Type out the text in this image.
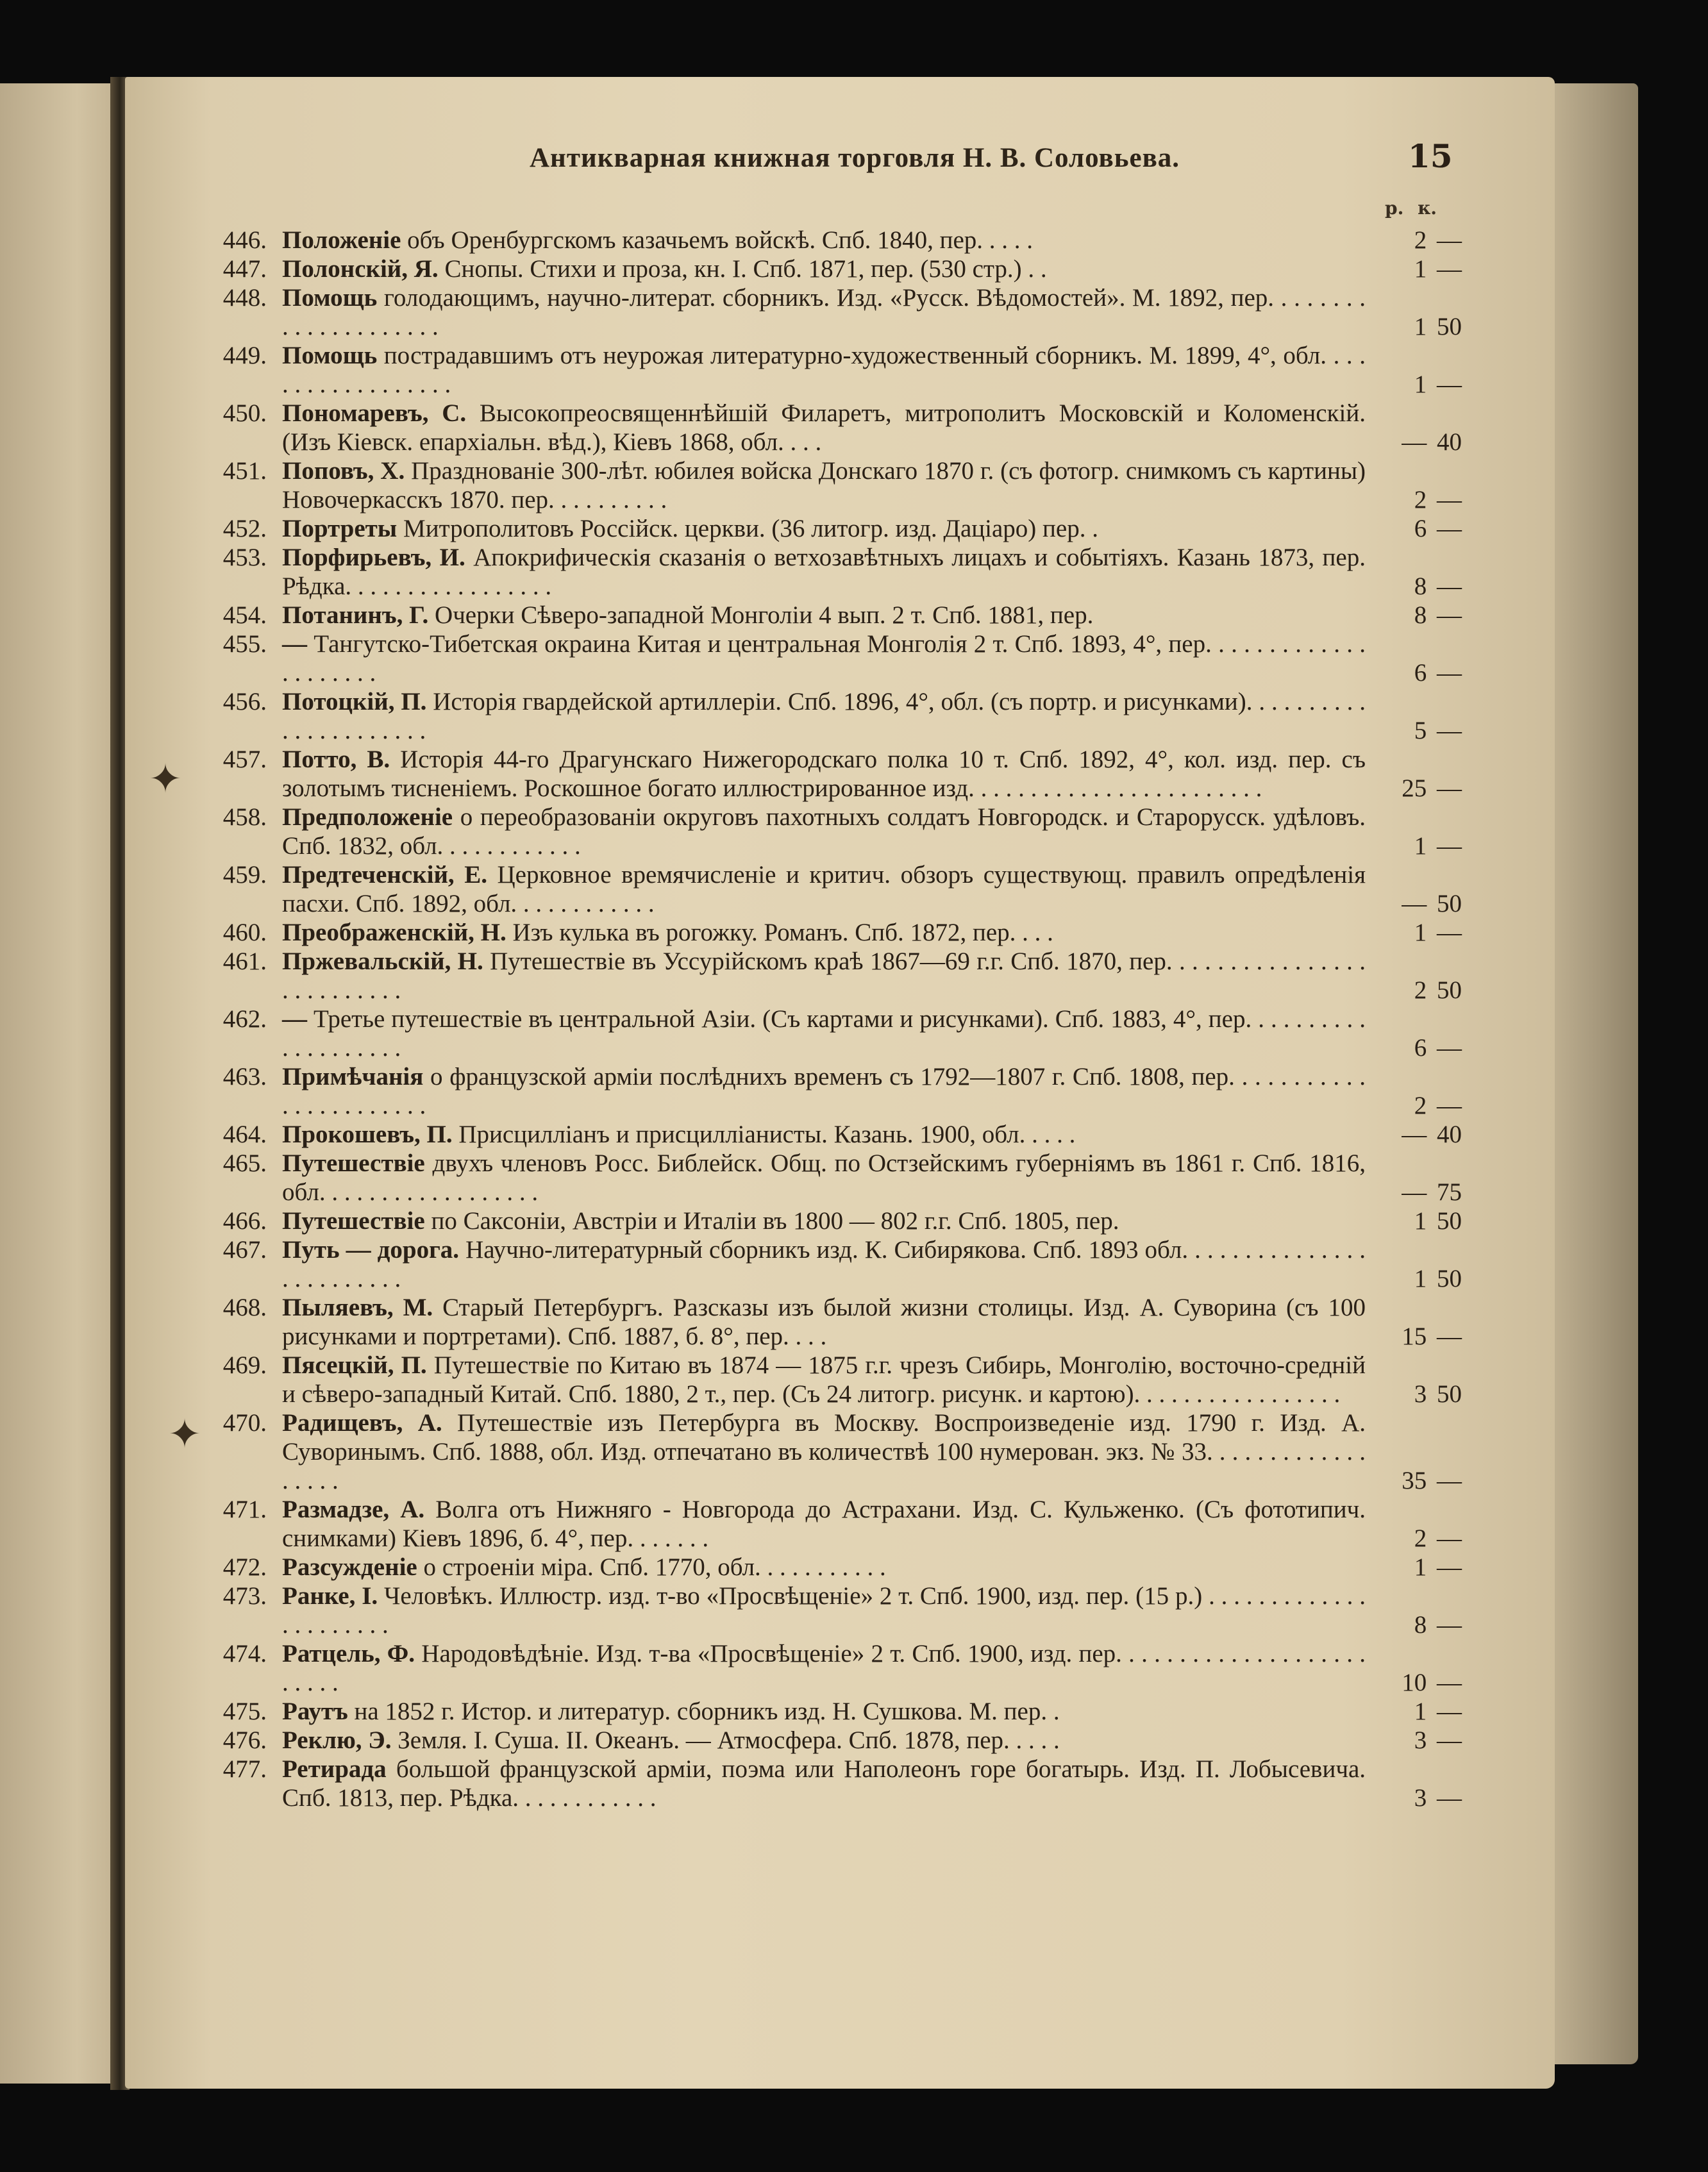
✦
✦
Антикварная книжная торговля Н. В. Соловьева.	15
р. к.
446. Положеніе объ Оренбургскомъ казачьемъ войскѣ. Спб. 1840, пер. . . . .	2 —
447. Полонскій, Я. Снопы. Стихи и проза, кн. I. Спб. 1871, пер. (530 стр.) . .	1 —
448. Помощь голодающимъ, научно-литерат. сборникъ. Изд. «Русск. Вѣдомостей». М. 1892, пер. . . . . . . . . . . . . . . . . . . . .	1 50
449. Помощь пострадавшимъ отъ неурожая литературно-художественный сборникъ. М. 1899, 4°, обл. . . . . . . . . . . . . . . . . .	1 —
450. Пономаревъ, С. Высокопреосвященнѣйшій Филаретъ, митрополитъ Московскій и Коломенскій. (Изъ Кіевск. епархіальн. вѣд.), Кіевъ 1868, обл. . . .	— 40
451. Поповъ, Х. Празднованіе 300-лѣт. юбилея войска Донскаго 1870 г. (съ фотогр. снимкомъ съ картины) Новочеркасскъ 1870. пер. . . . . . . . . .	2 —
452. Портреты Митрополитовъ Россійск. церкви. (36 литогр. изд. Даціаро) пер. .	6 —
453. Порфирьевъ, И. Апокрифическія сказанія о ветхозавѣтныхъ лицахъ и событіяхъ. Казань 1873, пер. Рѣдка. . . . . . . . . . . . . . . . .	8 —
454. Потанинъ, Г. Очерки Сѣверо-западной Монголіи 4 вып. 2 т. Спб. 1881, пер.	8 —
455. — Тангутско-Тибетская окраина Китая и центральная Монголія 2 т. Спб. 1893, 4°, пер. . . . . . . . . . . . . . . . . . . . .	6 —
456. Потоцкій, П. Исторія гвардейской артиллеріи. Спб. 1896, 4°, обл. (съ портр. и рисунками). . . . . . . . . . . . . . . . . . . . . .	5 —
457. Потто, В. Исторія 44-го Драгунскаго Нижегородскаго полка 10 т. Спб. 1892, 4°, кол. изд. пер. съ золотымъ тисненіемъ. Роскошное богато иллюстрированное изд. . . . . . . . . . . . . . . . . . . . . . . .	25 —
458. Предположеніе о переобразованіи округовъ пахотныхъ солдатъ Новгородск. и Старорусск. удѣловъ. Спб. 1832, обл. . . . . . . . . . . .	1 —
459. Предтеченскій, Е. Церковное времячисленіе и критич. обзоръ существующ. правилъ опредѣленія пасхи. Спб. 1892, обл. . . . . . . . . . . .	— 50
460. Преображенскій, Н. Изъ кулька въ рогожку. Романъ. Спб. 1872, пер. . . .	1 —
461. Пржевальскій, Н. Путешествіе въ Уссурійскомъ краѣ 1867—69 г.г. Спб. 1870, пер. . . . . . . . . . . . . . . . . . . . . . . . . .	2 50
462. — Третье путешествіе въ центральной Азіи. (Съ картами и рисунками). Спб. 1883, 4°, пер. . . . . . . . . . . . . . . . . . . .	6 —
463. Примѣчанія о французской арміи послѣднихъ временъ съ 1792—1807 г. Спб. 1808, пер. . . . . . . . . . . . . . . . . . . . . . .	2 —
464. Прокошевъ, П. Присцилліанъ и присцилліанисты. Казань. 1900, обл. . . . .	— 40
465. Путешествіе двухъ членовъ Росс. Библейск. Общ. по Остзейскимъ губерніямъ въ 1861 г. Спб. 1816, обл. . . . . . . . . . . . . . . . . .	— 75
466. Путешествіе по Саксоніи, Австріи и Италіи въ 1800 — 802 г.г. Спб. 1805, пер.	1 50
467. Путь — дорога. Научно-литературный сборникъ изд. К. Сибирякова. Спб. 1893 обл. . . . . . . . . . . . . . . . . . . . . . . . .	1 50
468. Пыляевъ, М. Старый Петербургъ. Разсказы изъ былой жизни столицы. Изд. А. Суворина (съ 100 рисунками и портретами). Спб. 1887, б. 8°, пер. . . .	15 —
469. Пясецкій, П. Путешествіе по Китаю въ 1874 — 1875 г.г. чрезъ Сибирь, Монголію, восточно-средній и сѣверо-западный Китай. Спб. 1880, 2 т., пер. (Съ 24 литогр. рисунк. и картою). . . . . . . . . . . . . . . . .	3 50
470. Радищевъ, А. Путешествіе изъ Петербурга въ Москву. Воспроизведеніе изд. 1790 г. Изд. А. Суворинымъ. Спб. 1888, обл. Изд. отпечатано въ количествѣ 100 нумерован. экз. № 33. . . . . . . . . . . . . . . . . .	35 —
471. Размадзе, А. Волга отъ Нижняго - Новгорода до Астрахани. Изд. С. Кульженко. (Съ фототипич. снимками) Кіевъ 1896, б. 4°, пер. . . . . . .	2 —
472. Разсужденіе о строеніи міра. Спб. 1770, обл. . . . . . . . . . .	1 —
473. Ранке, I. Человѣкъ. Иллюстр. изд. т-во «Просвѣщеніе» 2 т. Спб. 1900, изд. пер. (15 р.) . . . . . . . . . . . . . . . . . . . . . .	8 —
474. Ратцель, Ф. Народовѣдѣніе. Изд. т-ва «Просвѣщеніе» 2 т. Спб. 1900, изд. пер. . . . . . . . . . . . . . . . . . . . . . . . .	10 —
475. Раутъ на 1852 г. Истор. и литератур. сборникъ изд. Н. Сушкова. М. пер. .	1 —
476. Реклю, Э. Земля. I. Суша. II. Океанъ. — Атмосфера. Спб. 1878, пер. . . . .	3 —
477. Ретирада большой французской арміи, поэма или Наполеонъ горе богатырь. Изд. П. Лобысевича. Спб. 1813, пер. Рѣдка. . . . . . . . . . . .	3 —
